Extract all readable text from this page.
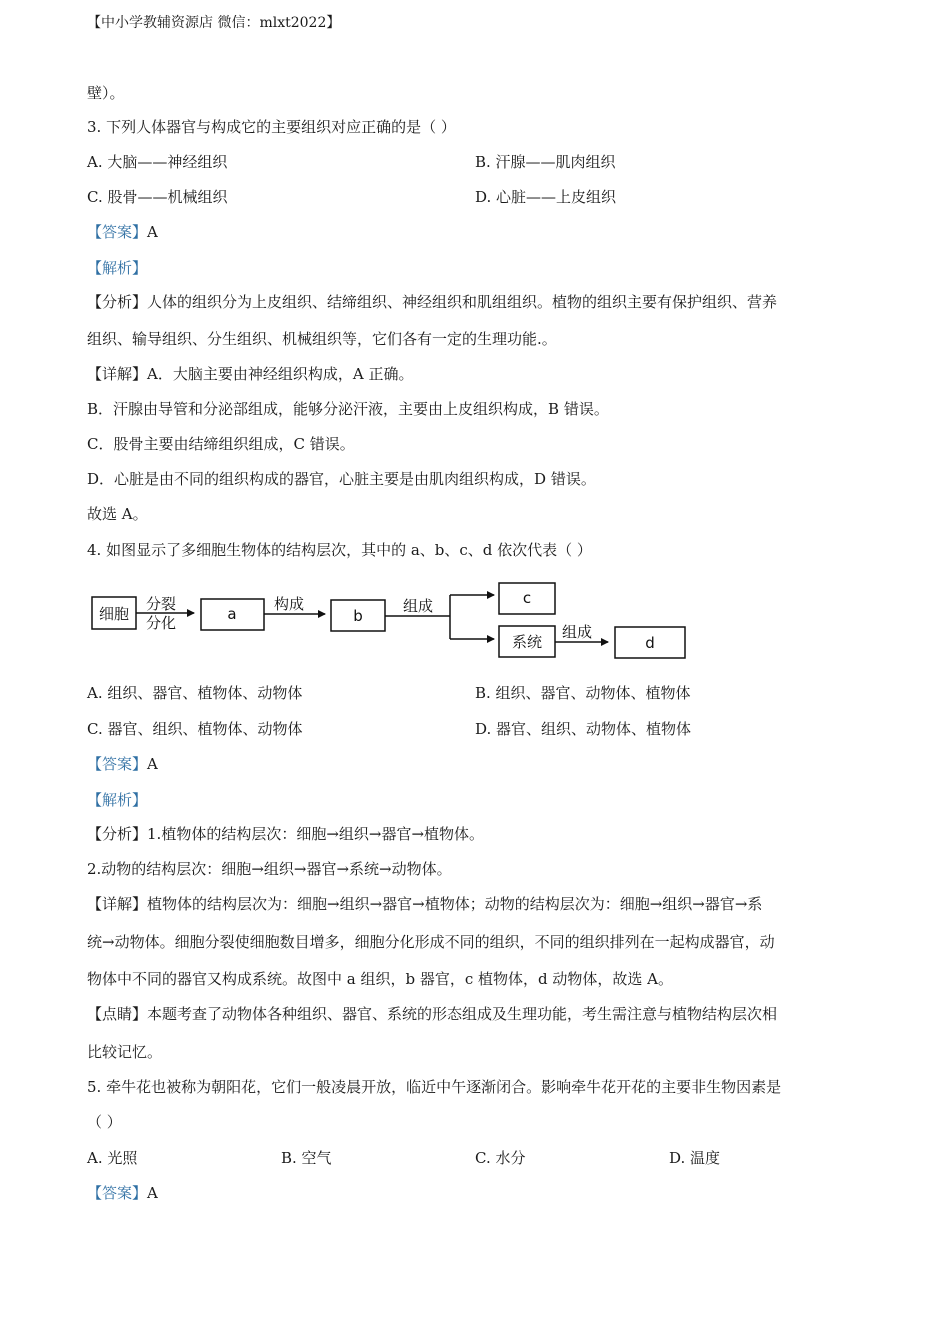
【中小学教辅资源店 微信：mlxt2022】
壁）。
3. 下列人体器官与构成它的主要组织对应正确的是（ ）
A. 大脑——神经组织	B. 汗腺——肌肉组织
C. 股骨——机械组织	D. 心脏——上皮组织
【答案】A
【解析】
【分析】人体的组织分为上皮组织、结缔组织、神经组织和肌组组织。植物的组织主要有保护组织、营养
组织、输导组织、分生组织、机械组织等，它们各有一定的生理功能.。
【详解】A．大脑主要由神经组织构成，A 正确。
B．汗腺由导管和分泌部组成，能够分泌汗液，主要由上皮组织构成，B 错误。
C．股骨主要由结缔组织组成，C 错误。
D．心脏是由不同的组织构成的器官，心脏主要是由肌肉组织构成，D 错误。
故选 A。
4. 如图显示了多细胞生物体的结构层次，其中的 a、b、c、d 依次代表（ ）
细胞
分裂
分化	a
构成
b
组成	c
系统
组成
d
A. 组织、器官、植物体、动物体	B. 组织、器官、动物体、植物体
C. 器官、组织、植物体、动物体	D. 器官、组织、动物体、植物体
【答案】A
【解析】
【分析】1.植物体的结构层次：细胞→组织→器官→植物体。
2.动物的结构层次：细胞→组织→器官→系统→动物体。
【详解】植物体的结构层次为：细胞→组织→器官→植物体；动物的结构层次为：细胞→组织→器官→系
统→动物体。细胞分裂使细胞数目增多，细胞分化形成不同的组织，不同的组织排列在一起构成器官，动
物体中不同的器官又构成系统。故图中 a 组织，b 器官，c 植物体，d 动物体，故选 A。
【点睛】本题考查了动物体各种组织、器官、系统的形态组成及生理功能，考生需注意与植物结构层次相
比较记忆。
5. 牵牛花也被称为朝阳花，它们一般凌晨开放，临近中午逐渐闭合。影响牵牛花开花的主要非生物因素是
（ ）
A. 光照	B. 空气	C. 水分	D. 温度
【答案】A
